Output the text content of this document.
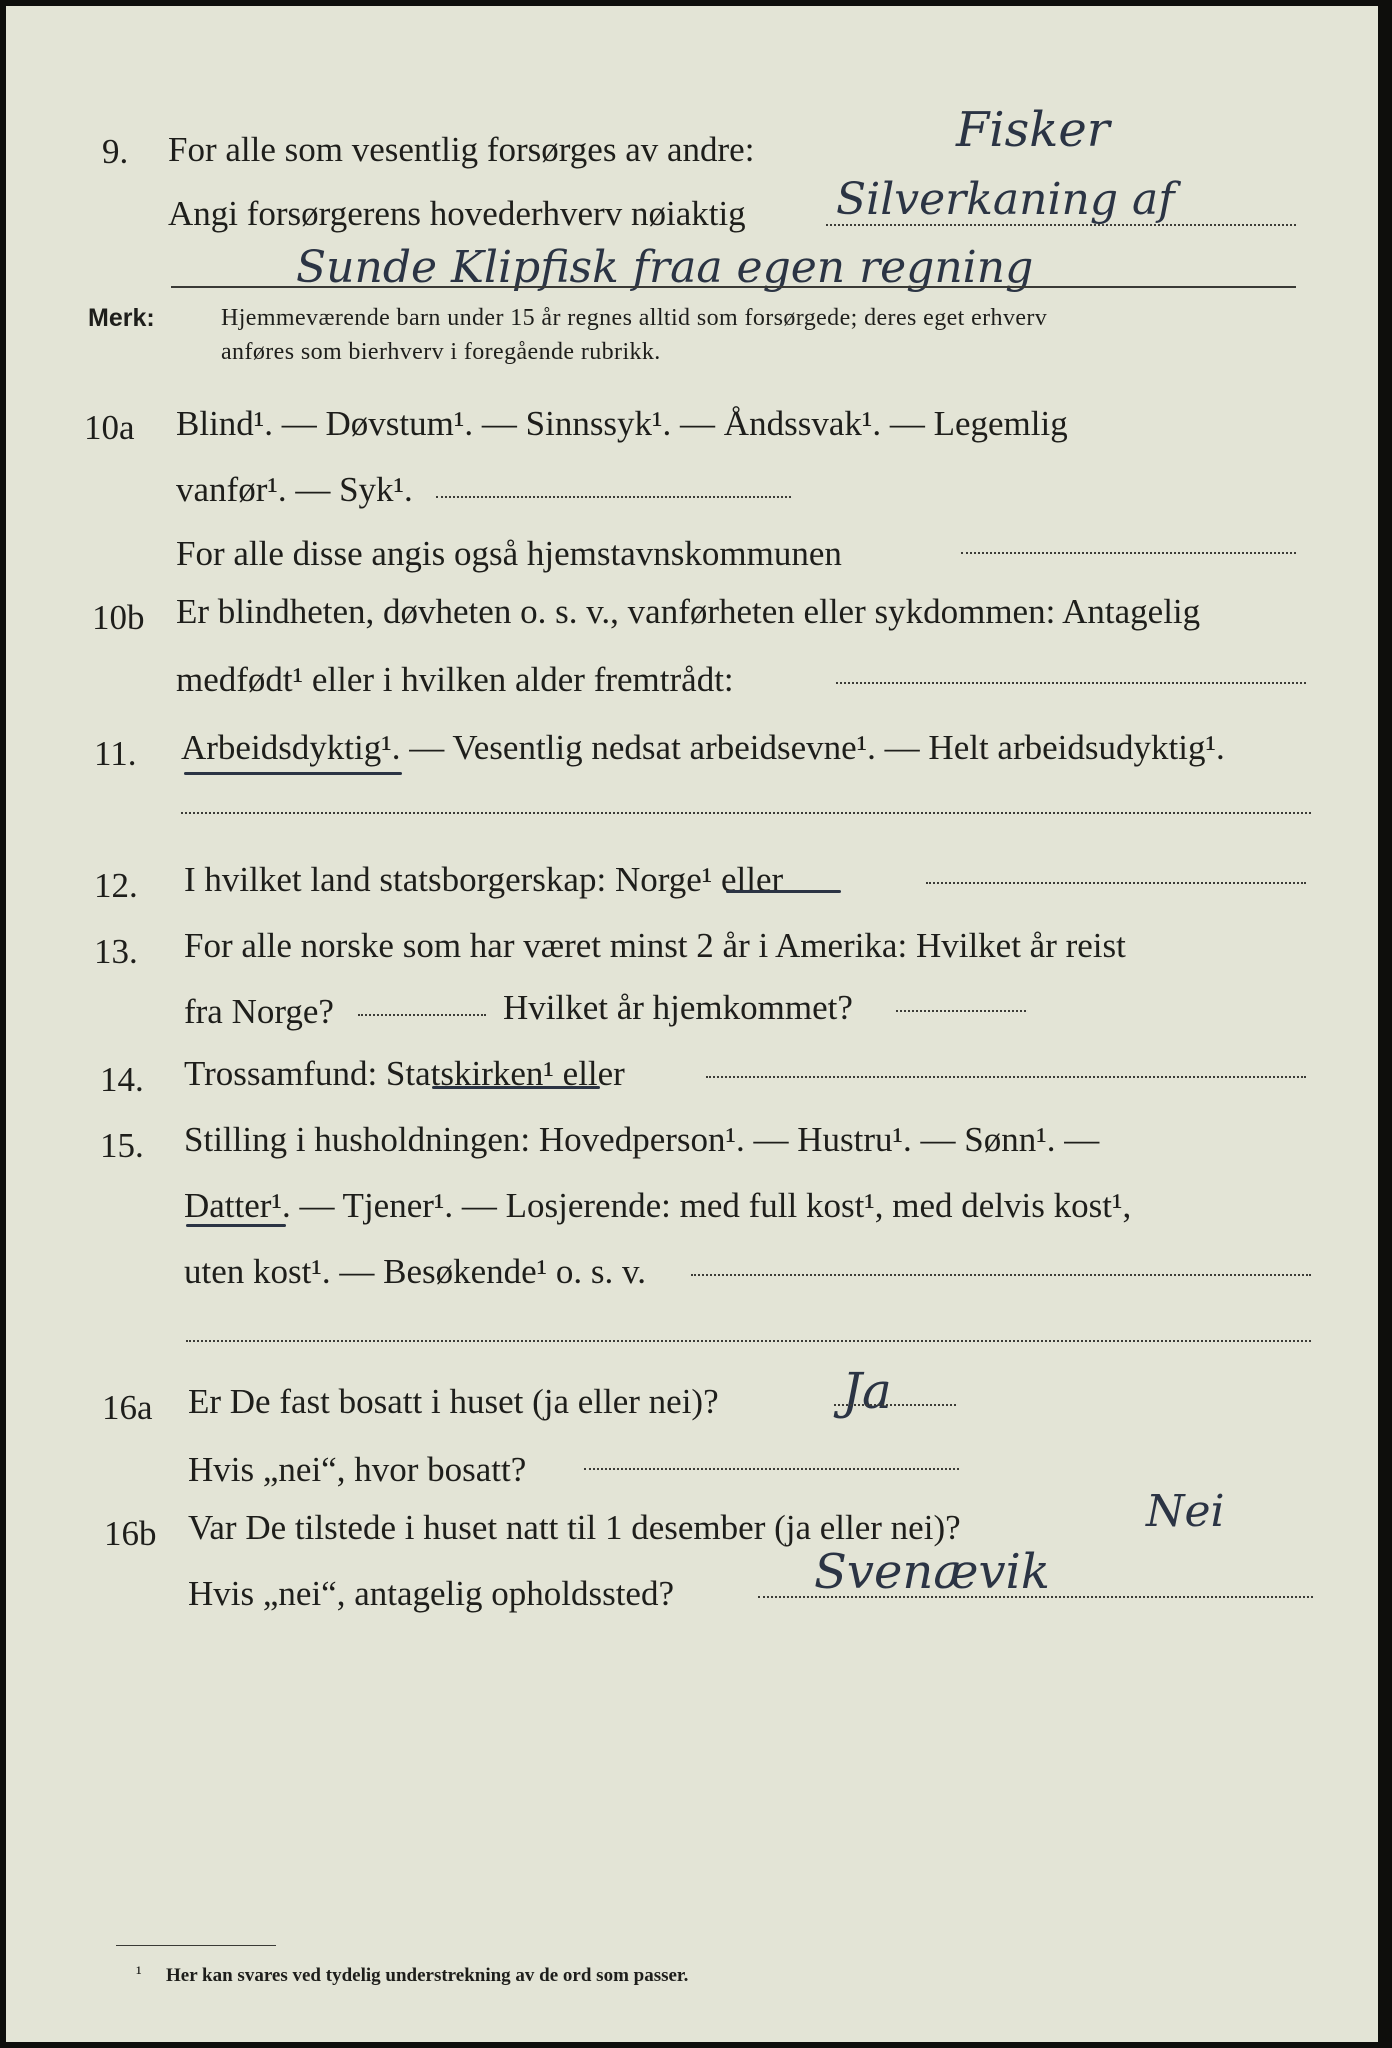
9. For alle som vesentlig forsørges av andre:	Fisker
Angi forsørgerens hovederhverv nøiaktig Silverkaning af
Sunde Klipfisk fraa egen regning
Merk:	Hjemmeværende barn under 15 år regnes alltid som forsørgede; deres eget erhverv
anføres som bierhverv i foregående rubrikk.
10a Blind¹. — Døvstum¹. — Sinnssyk¹. — Åndssvak¹. — Legemlig
vanfør¹. — Syk¹.
For alle disse angis også hjemstavnskommunen
10b Er blindheten, døvheten o. s. v., vanførheten eller sykdommen: Antagelig
medfødt¹ eller i hvilken alder fremtrådt:
11. Arbeidsdyktig¹. — Vesentlig nedsat arbeidsevne¹. — Helt arbeidsudyktig¹.
12. I hvilket land statsborgerskap: Norge¹ eller
13. For alle norske som har været minst 2 år i Amerika: Hvilket år reist
fra Norge?	Hvilket år hjemkommet?
14. Trossamfund: Statskirken¹ eller
15. Stilling i husholdningen: Hovedperson¹. — Hustru¹. — Sønn¹. —
Datter¹. — Tjener¹. — Losjerende: med full kost¹, med delvis kost¹,
uten kost¹. — Besøkende¹ o. s. v.
16a Er De fast bosatt i huset (ja eller nei)? Ja
Hvis „nei“, hvor bosatt?
16b Var De tilstede i huset natt til 1 desember (ja eller nei)?	Nei
Hvis „nei“, antagelig opholdssted?	Svenævik
¹ Her kan svares ved tydelig understrekning av de ord som passer.
